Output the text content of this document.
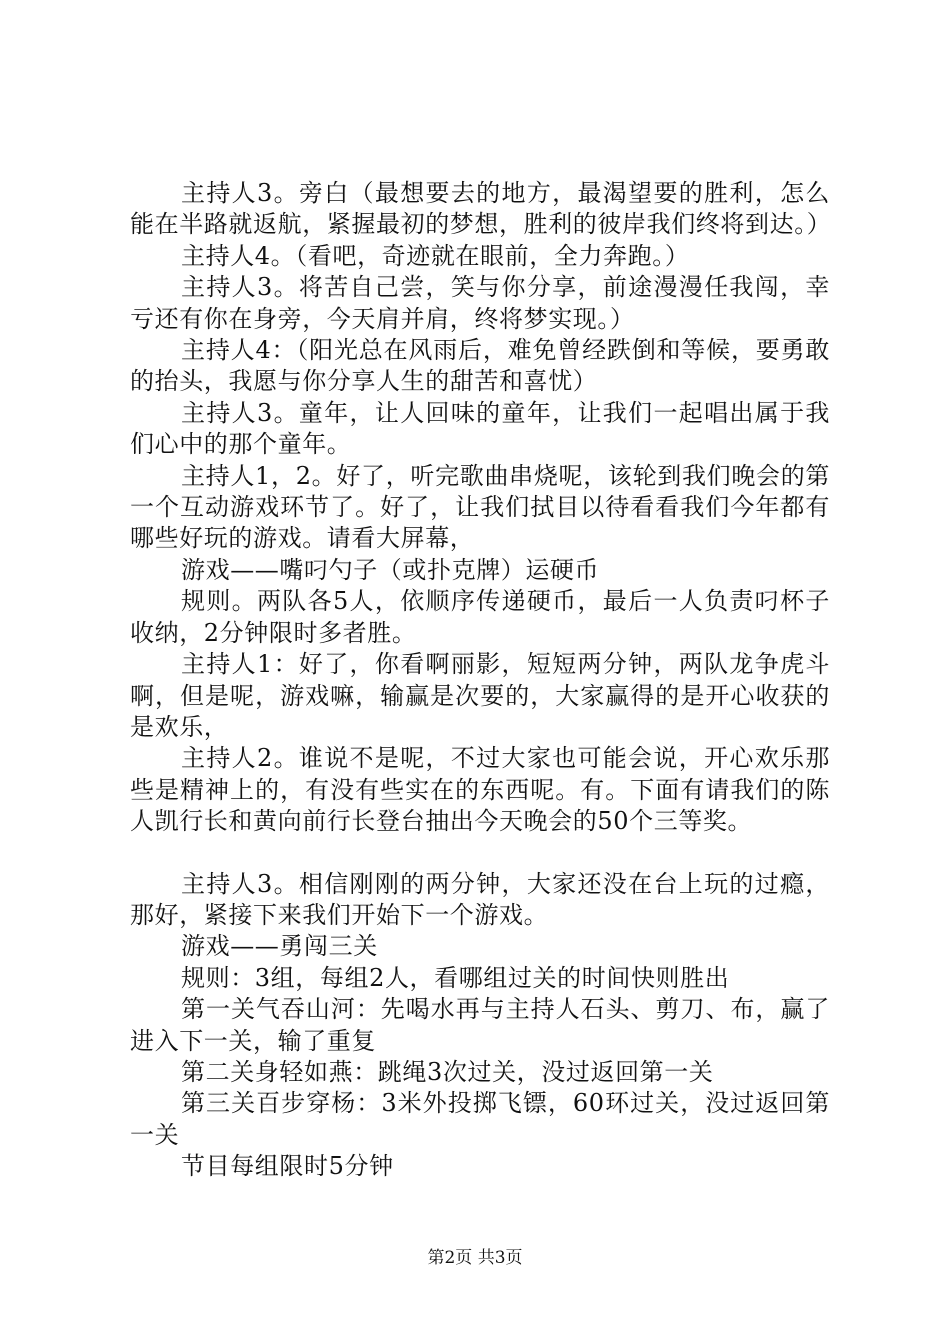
主持人3。旁白（最想要去的地方，最渴望要的胜利，怎么能在半路就返航，紧握最初的梦想，胜利的彼岸我们终将到达。）

主持人4。（看吧，奇迹就在眼前，全力奔跑。）

主持人3。将苦自己尝，笑与你分享，前途漫漫任我闯，幸亏还有你在身旁，今天肩并肩，终将梦实现。）

主持人4：（阳光总在风雨后，难免曾经跌倒和等候，要勇敢的抬头，我愿与你分享人生的甜苦和喜忧）

主持人3。童年，让人回味的童年，让我们一起唱出属于我们心中的那个童年。

主持人1，2。好了，听完歌曲串烧呢，该轮到我们晚会的第一个互动游戏环节了。好了，让我们拭目以待看看我们今年都有哪些好玩的游戏。请看大屏幕，

游戏——嘴叼勺子（或扑克牌）运硬币

规则。两队各5人，依顺序传递硬币，最后一人负责叼杯子收纳，2分钟限时多者胜。

主持人1：好了，你看啊丽影，短短两分钟，两队龙争虎斗啊，但是呢，游戏嘛，输赢是次要的，大家赢得的是开心收获的是欢乐，

主持人2。谁说不是呢，不过大家也可能会说，开心欢乐那些是精神上的，有没有些实在的东西呢。有。下面有请我们的陈人凯行长和黄向前行长登台抽出今天晚会的50个三等奖。

主持人3。相信刚刚的两分钟，大家还没在台上玩的过瘾，那好，紧接下来我们开始下一个游戏。

游戏——勇闯三关

规则：3组，每组2人，看哪组过关的时间快则胜出

第一关气吞山河：先喝水再与主持人石头、剪刀、布，赢了进入下一关，输了重复

第二关身轻如燕：跳绳3次过关，没过返回第一关

第三关百步穿杨：3米外投掷飞镖，60环过关，没过返回第一关

节目每组限时5分钟

第2页 共3页
